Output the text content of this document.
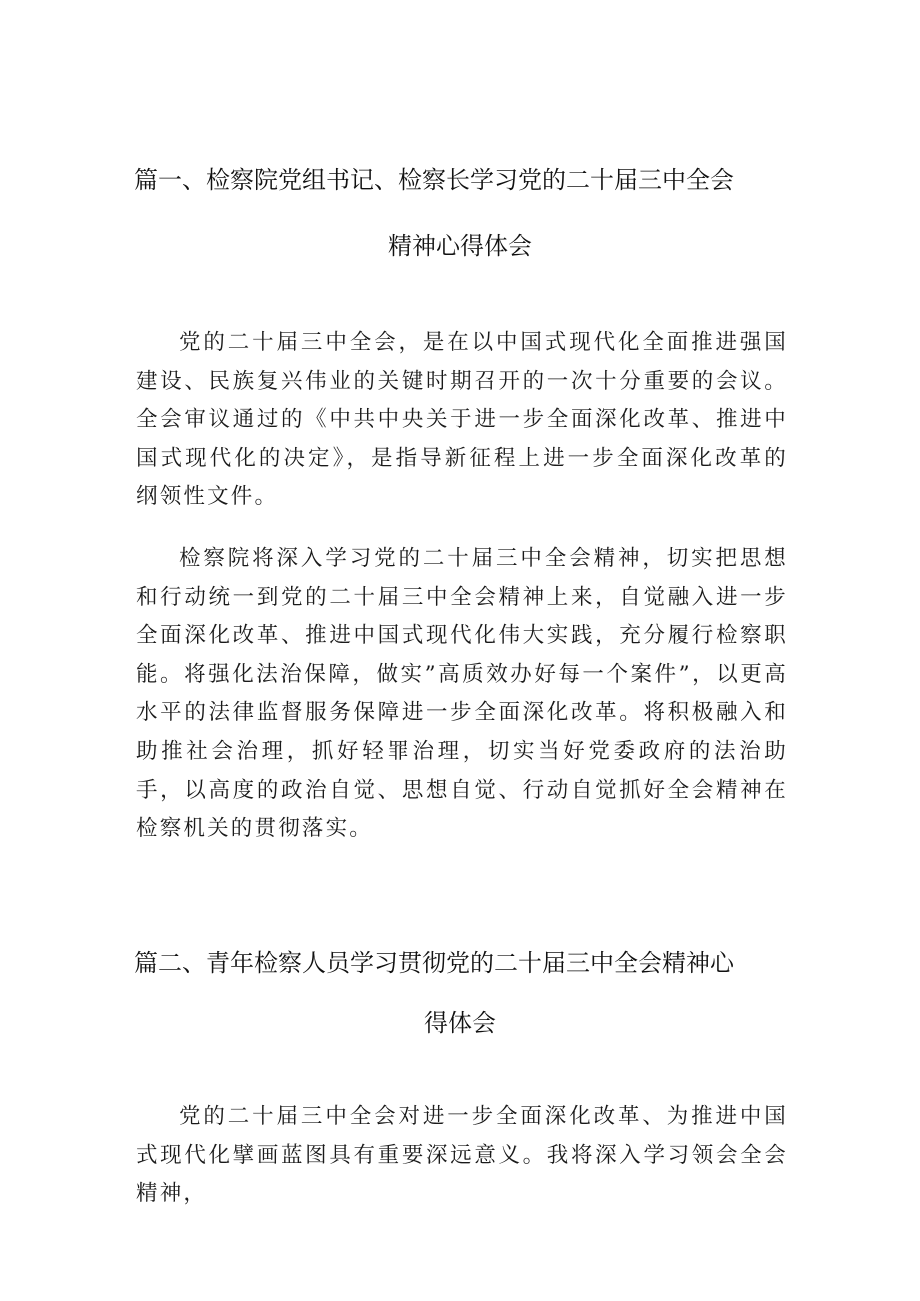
篇一、检察院党组书记、检察长学习党的二十届三中全会
精神心得体会

党的二十届三中全会，是在以中国式现代化全面推进强国建设、民族复兴伟业的关键时期召开的一次十分重要的会议。全会审议通过的《中共中央关于进一步全面深化改革、推进中国式现代化的决定》，是指导新征程上进一步全面深化改革的纲领性文件。

检察院将深入学习党的二十届三中全会精神，切实把思想和行动统一到党的二十届三中全会精神上来，自觉融入进一步全面深化改革、推进中国式现代化伟大实践，充分履行检察职能。将强化法治保障，做实”高质效办好每一个案件”，以更高水平的法律监督服务保障进一步全面深化改革。将积极融入和助推社会治理，抓好轻罪治理，切实当好党委政府的法治助手，以高度的政治自觉、思想自觉、行动自觉抓好全会精神在检察机关的贯彻落实。

篇二、青年检察人员学习贯彻党的二十届三中全会精神心
得体会

党的二十届三中全会对进一步全面深化改革、为推进中国式现代化擘画蓝图具有重要深远意义。我将深入学习领会全会精神，
